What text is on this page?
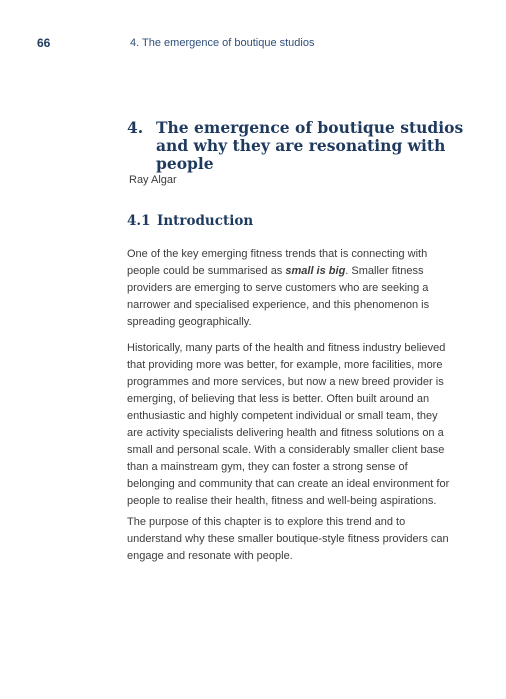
66	4. The emergence of boutique studios
4. The emergence of boutique studios and why they are resonating with people
Ray Algar
4.1 Introduction

One of the key emerging fitness trends that is connecting with people could be summarised as small is big. Smaller fitness providers are emerging to serve customers who are seeking a narrower and specialised experience, and this phenomenon is spreading geographically.

Historically, many parts of the health and fitness industry believed that providing more was better, for example, more facilities, more programmes and more services, but now a new breed provider is emerging, of believing that less is better. Often built around an enthusiastic and highly competent individual or small team, they are activity specialists delivering health and fitness solutions on a small and personal scale. With a considerably smaller client base than a mainstream gym, they can foster a strong sense of belonging and community that can create an ideal environment for people to realise their health, fitness and well-being aspirations.

The purpose of this chapter is to explore this trend and to understand why these smaller boutique-style fitness providers can engage and resonate with people.
